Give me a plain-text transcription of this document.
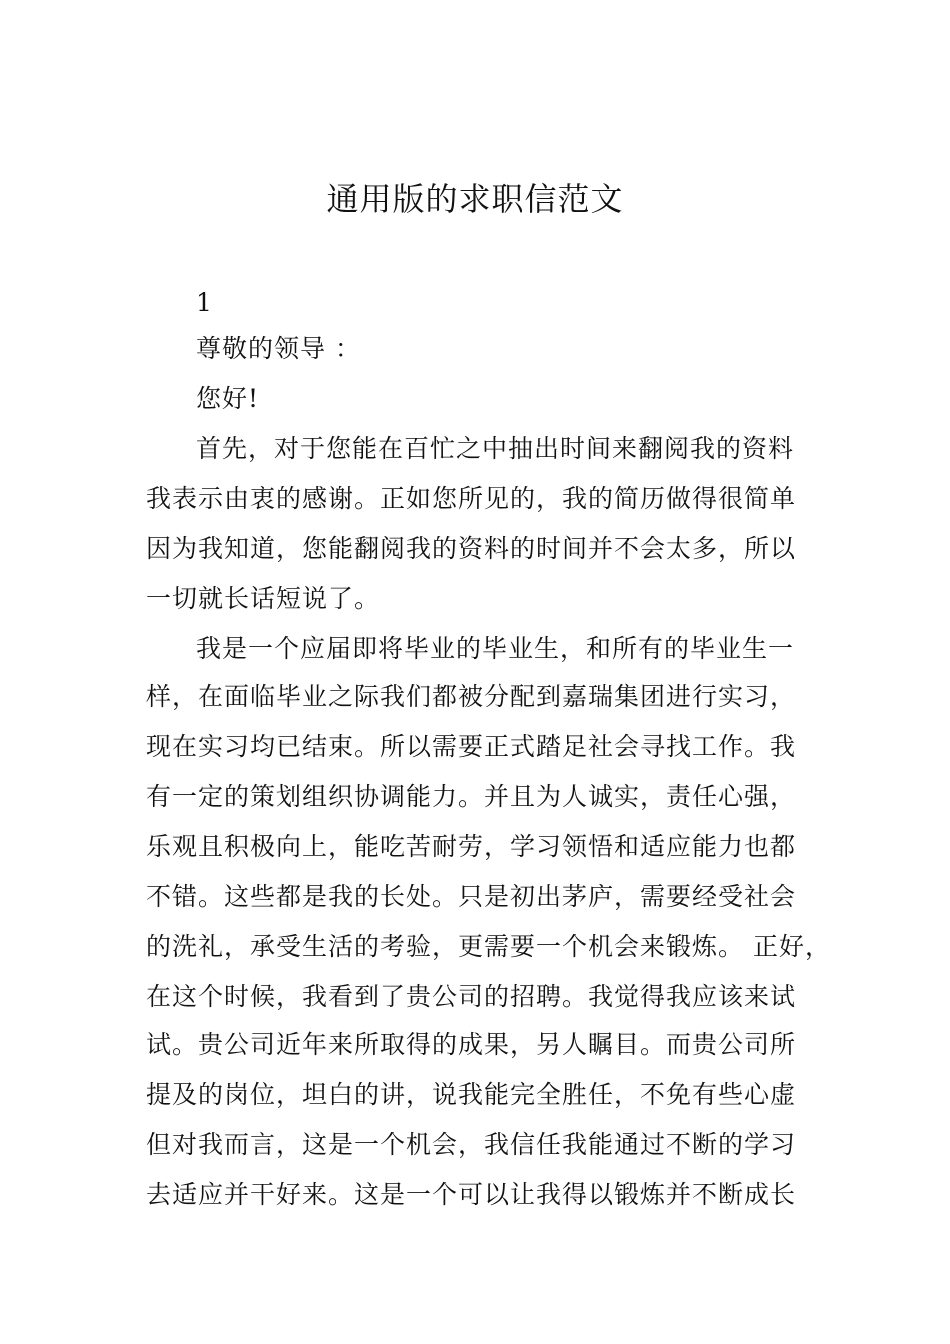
通用版的求职信范文
1
尊敬的领导 ：
您好!
首先，对于您能在百忙之中抽出时间来翻阅我的资料
我表示由衷的感谢。正如您所见的，我的简历做得很简单
因为我知道，您能翻阅我的资料的时间并不会太多，所以
一切就长话短说了。
我是一个应届即将毕业的毕业生，和所有的毕业生一
样，在面临毕业之际我们都被分配到嘉瑞集团进行实习，
现在实习均已结束。所以需要正式踏足社会寻找工作。我
有一定的策划组织协调能力。并且为人诚实，责任心强，
乐观且积极向上，能吃苦耐劳，学习领悟和适应能力也都
不错。这些都是我的长处。只是初出茅庐，需要经受社会
的洗礼，承受生活的考验，更需要一个机会来锻炼。 正好，
在这个时候，我看到了贵公司的招聘。我觉得我应该来试
试。贵公司近年来所取得的成果，另人瞩目。而贵公司所
提及的岗位，坦白的讲，说我能完全胜任，不免有些心虚
但对我而言，这是一个机会，我信任我能通过不断的学习
去适应并干好来。这是一个可以让我得以锻炼并不断成长
